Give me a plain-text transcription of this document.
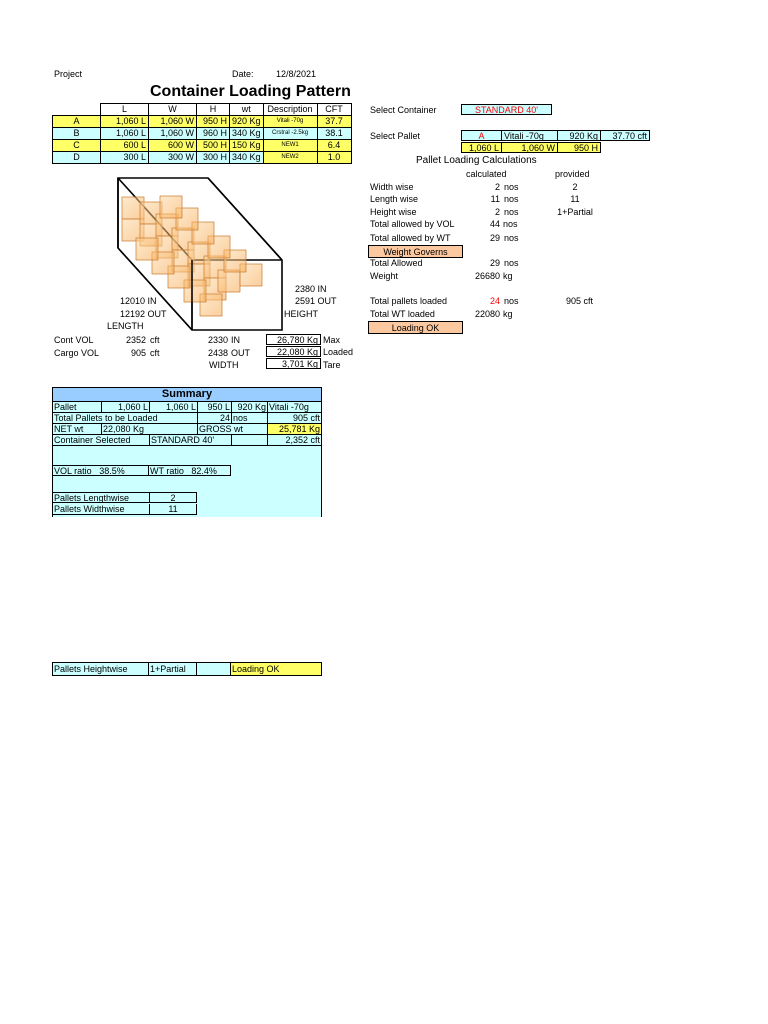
Project	Date: 12/8/2021
Container Loading Pattern
	L	W	H	wt	Description	CFT
A	1,060 L	1,060 W	950 H	920 Kg	Vitali -70g	37.7
B	1,060 L	1,060 W	960 H	340 Kg	Crstral -2.5kg	38.1
C	600 L	600 W	500 H	150 Kg	NEW1	6.4
D	300 L	300 W	300 H	340 Kg	NEW2	1.0
Select Container	STANDARD 40'
Select Pallet	A	Vitali -70g	920 Kg	37.70 cft
1,060 L	1,060 W	950 H
Pallet Loading Calculations
calculated	provided
Width wise	2 nos	2
Length wise	11 nos	11
Height wise	2 nos	1+Partial
Total allowed by VOL	44 nos
Total allowed by WT	29 nos
Weight Governs
Total Allowed	29 nos
Weight	26680 kg
Total pallets loaded	24 nos	905 cft
Total WT loaded	22080 kg
Loading OK
2380 IN
2591 OUT
HEIGHT
12010 IN
12192 OUT
LENGTH
Cont VOL	2352 cft
Cargo VOL	905 cft
2330 IN
2438 OUT
WIDTH
26,780 Kg Max
22,080 Kg Loaded
3,701 Kg Tare
Summary
Pallet	1,060 L	1,060 L	950 L 920 Kg Vitali -70g
Total Pallets to be Loaded	24 nos	905 cft
NET wt	22,080 Kg	GROSS wt	25,781 Kg
Container Selected	STANDARD 40'	2,352 cft
VOL ratio 38.5%	WT ratio 82.4%
Pallets Lengthwise	2
Pallets Widthwise	11
Pallets Heightwise	1+Partial	Loading OK
